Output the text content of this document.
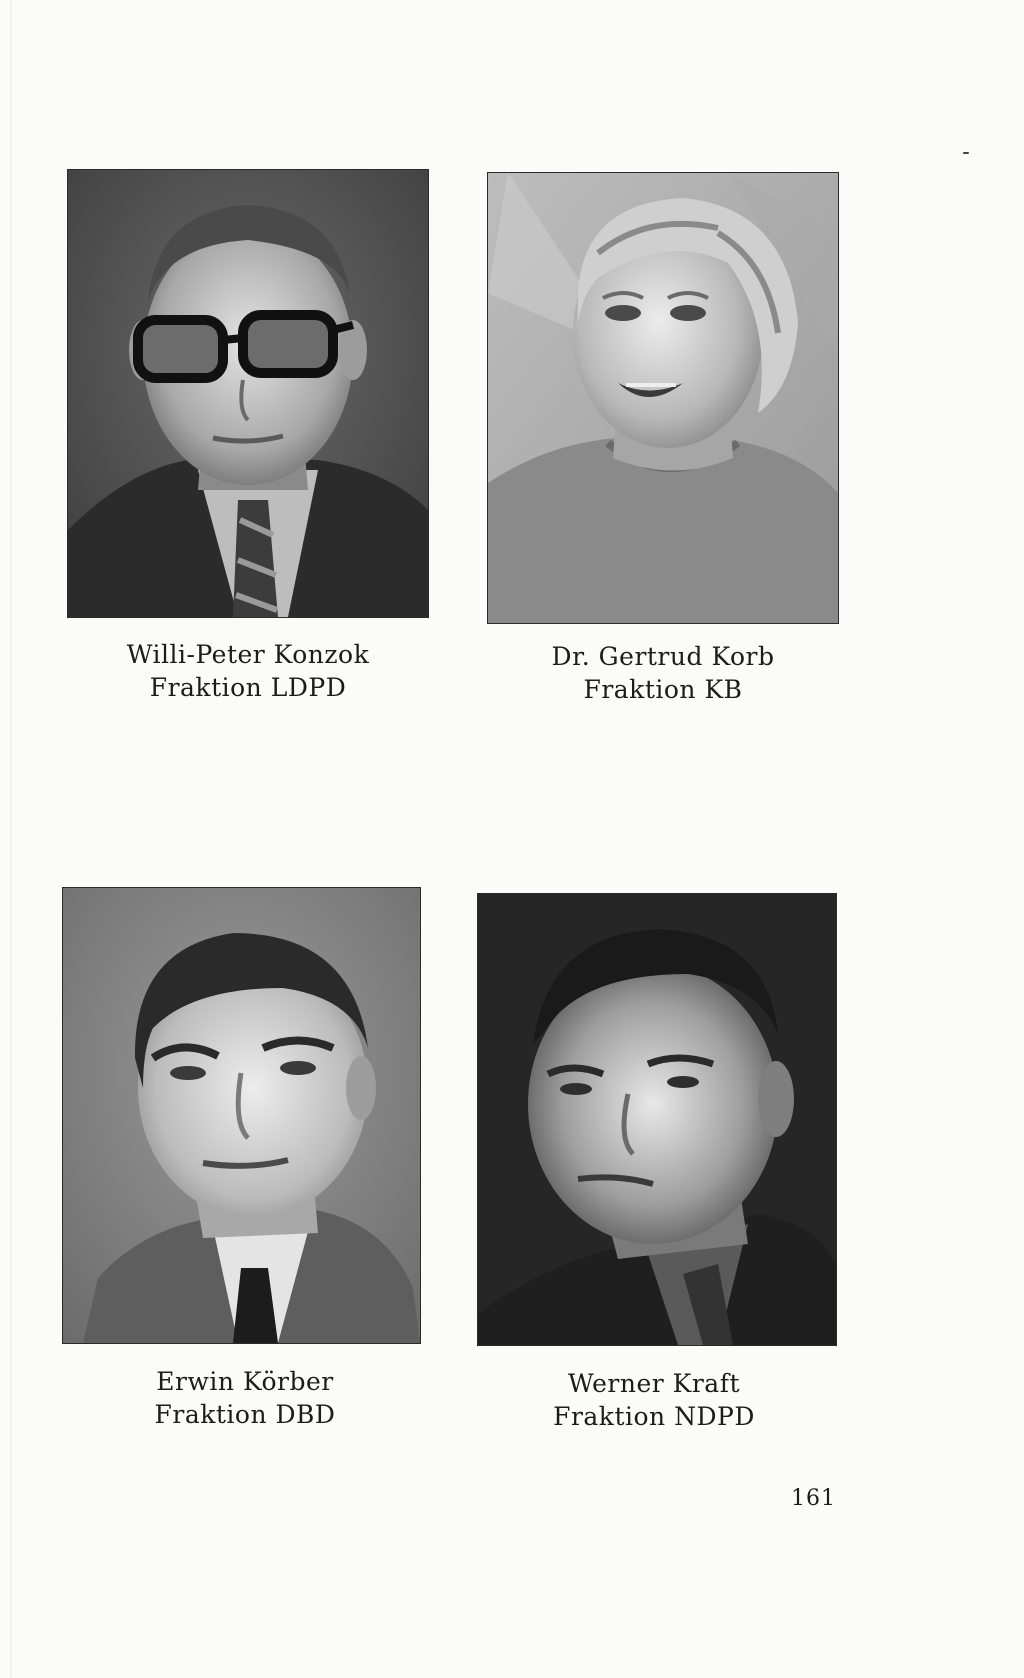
Willi-Peter Konzok
Fraktion LDPD
Dr. Gertrud Korb
Fraktion KB
Erwin Körber
Fraktion DBD
Werner Kraft
Fraktion NDPD
161
